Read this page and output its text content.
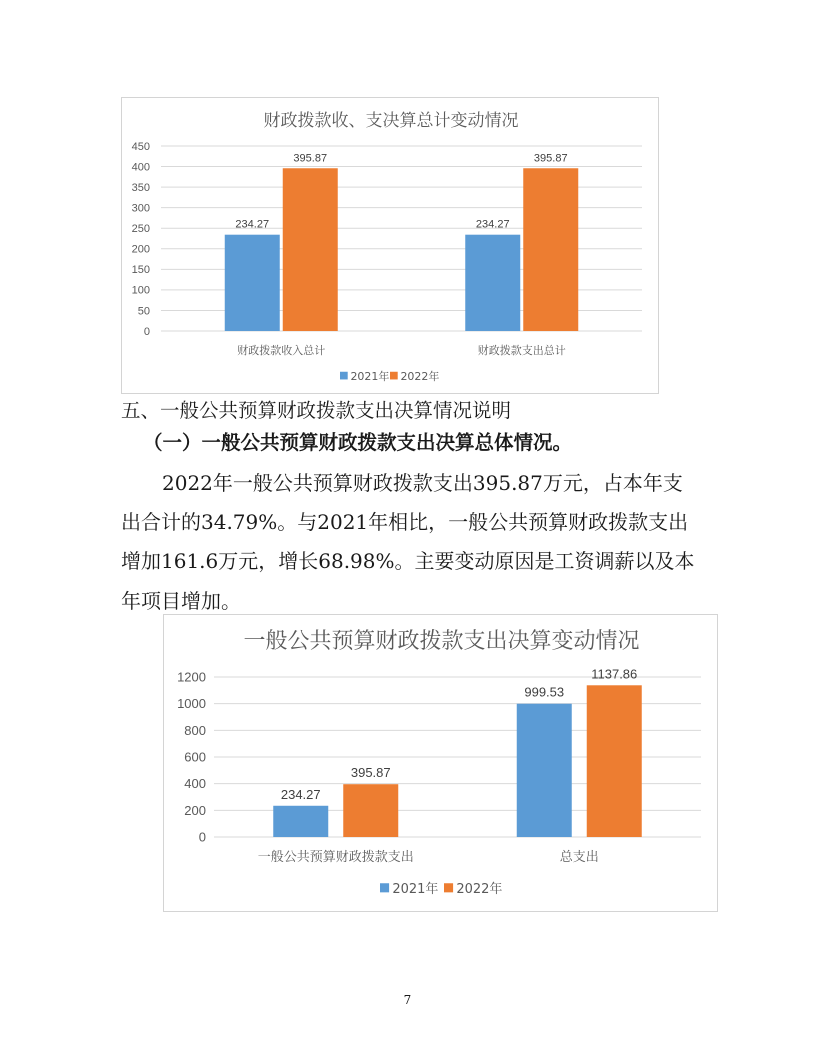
财政拨款收、支决算总计变动情况
0
50
100
150
200
250
300
350
400
450
234.27
395.87
财政拨款收入总计
234.27
395.87
财政拨款支出总计
2021年 2022年
五、一般公共预算财政拨款支出决算情况说明
（一）一般公共预算财政拨款支出决算总体情况。
2022年一般公共预算财政拨款支出395.87万元，占本年支
出合计的34.79%。与2021年相比，一般公共预算财政拨款支出
增加161.6万元，增长68.98%。主要变动原因是工资调薪以及本
年项目增加。
一般公共预算财政拨款支出决算变动情况
0
200
400
600
800
1000
1200
234.27
395.87
一般公共预算财政拨款支出
999.53
1137.86
总支出
2021年 2022年
7
